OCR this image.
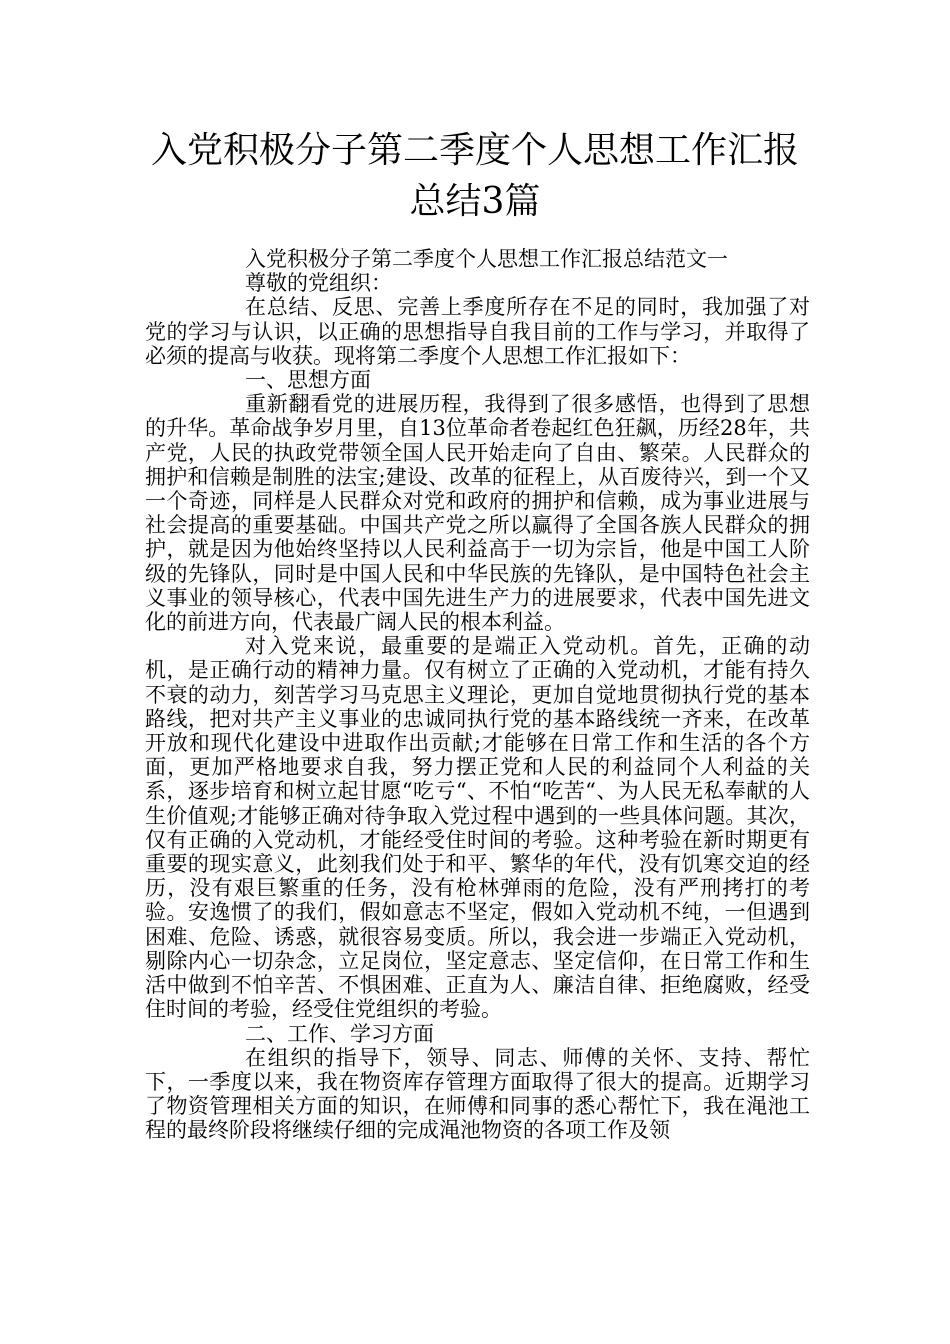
入党积极分子第二季度个人思想工作汇报
总结3篇

入党积极分子第二季度个人思想工作汇报总结范文一

尊敬的党组织：

在总结、反思、完善上季度所存在不足的同时，我加强了对党的学习与认识，以正确的思想指导自我目前的工作与学习，并取得了必须的提高与收获。现将第二季度个人思想工作汇报如下：

一、思想方面

重新翻看党的进展历程，我得到了很多感悟，也得到了思想的升华。革命战争岁月里，自13位革命者卷起红色狂飙，历经28年，共产党，人民的执政党带领全国人民开始走向了自由、繁荣。人民群众的拥护和信赖是制胜的法宝;建设、改革的征程上，从百废待兴，到一个又一个奇迹，同样是人民群众对党和政府的拥护和信赖，成为事业进展与社会提高的重要基础。中国共产党之所以赢得了全国各族人民群众的拥护，就是因为他始终坚持以人民利益高于一切为宗旨，他是中国工人阶级的先锋队，同时是中国人民和中华民族的先锋队，是中国特色社会主义事业的领导核心，代表中国先进生产力的进展要求，代表中国先进文化的前进方向，代表最广阔人民的根本利益。

对入党来说，最重要的是端正入党动机。首先，正确的动机，是正确行动的精神力量。仅有树立了正确的入党动机，才能有持久不衰的动力，刻苦学习马克思主义理论，更加自觉地贯彻执行党的基本路线，把对共产主义事业的忠诚同执行党的基本路线统一齐来，在改革开放和现代化建设中进取作出贡献;才能够在日常工作和生活的各个方面，更加严格地要求自我，努力摆正党和人民的利益同个人利益的关系，逐步培育和树立起甘愿“吃亏“、不怕“吃苦“、为人民无私奉献的人生价值观;才能够正确对待争取入党过程中遇到的一些具体问题。其次，仅有正确的入党动机，才能经受住时间的考验。这种考验在新时期更有重要的现实意义，此刻我们处于和平、繁华的年代，没有饥寒交迫的经历，没有艰巨繁重的任务，没有枪林弹雨的危险，没有严刑拷打的考验。安逸惯了的我们，假如意志不坚定，假如入党动机不纯，一但遇到困难、危险、诱惑，就很容易变质。所以，我会进一步端正入党动机，剔除内心一切杂念，立足岗位，坚定意志、坚定信仰，在日常工作和生活中做到不怕辛苦、不惧困难、正直为人、廉洁自律、拒绝腐败，经受住时间的考验，经受住党组织的考验。

二、工作、学习方面

在组织的指导下，领导、同志、师傅的关怀、支持、帮忙下，一季度以来，我在物资库存管理方面取得了很大的提高。近期学习了物资管理相关方面的知识，在师傅和同事的悉心帮忙下，我在渑池工程的最终阶段将继续仔细的完成渑池物资的各项工作及领
